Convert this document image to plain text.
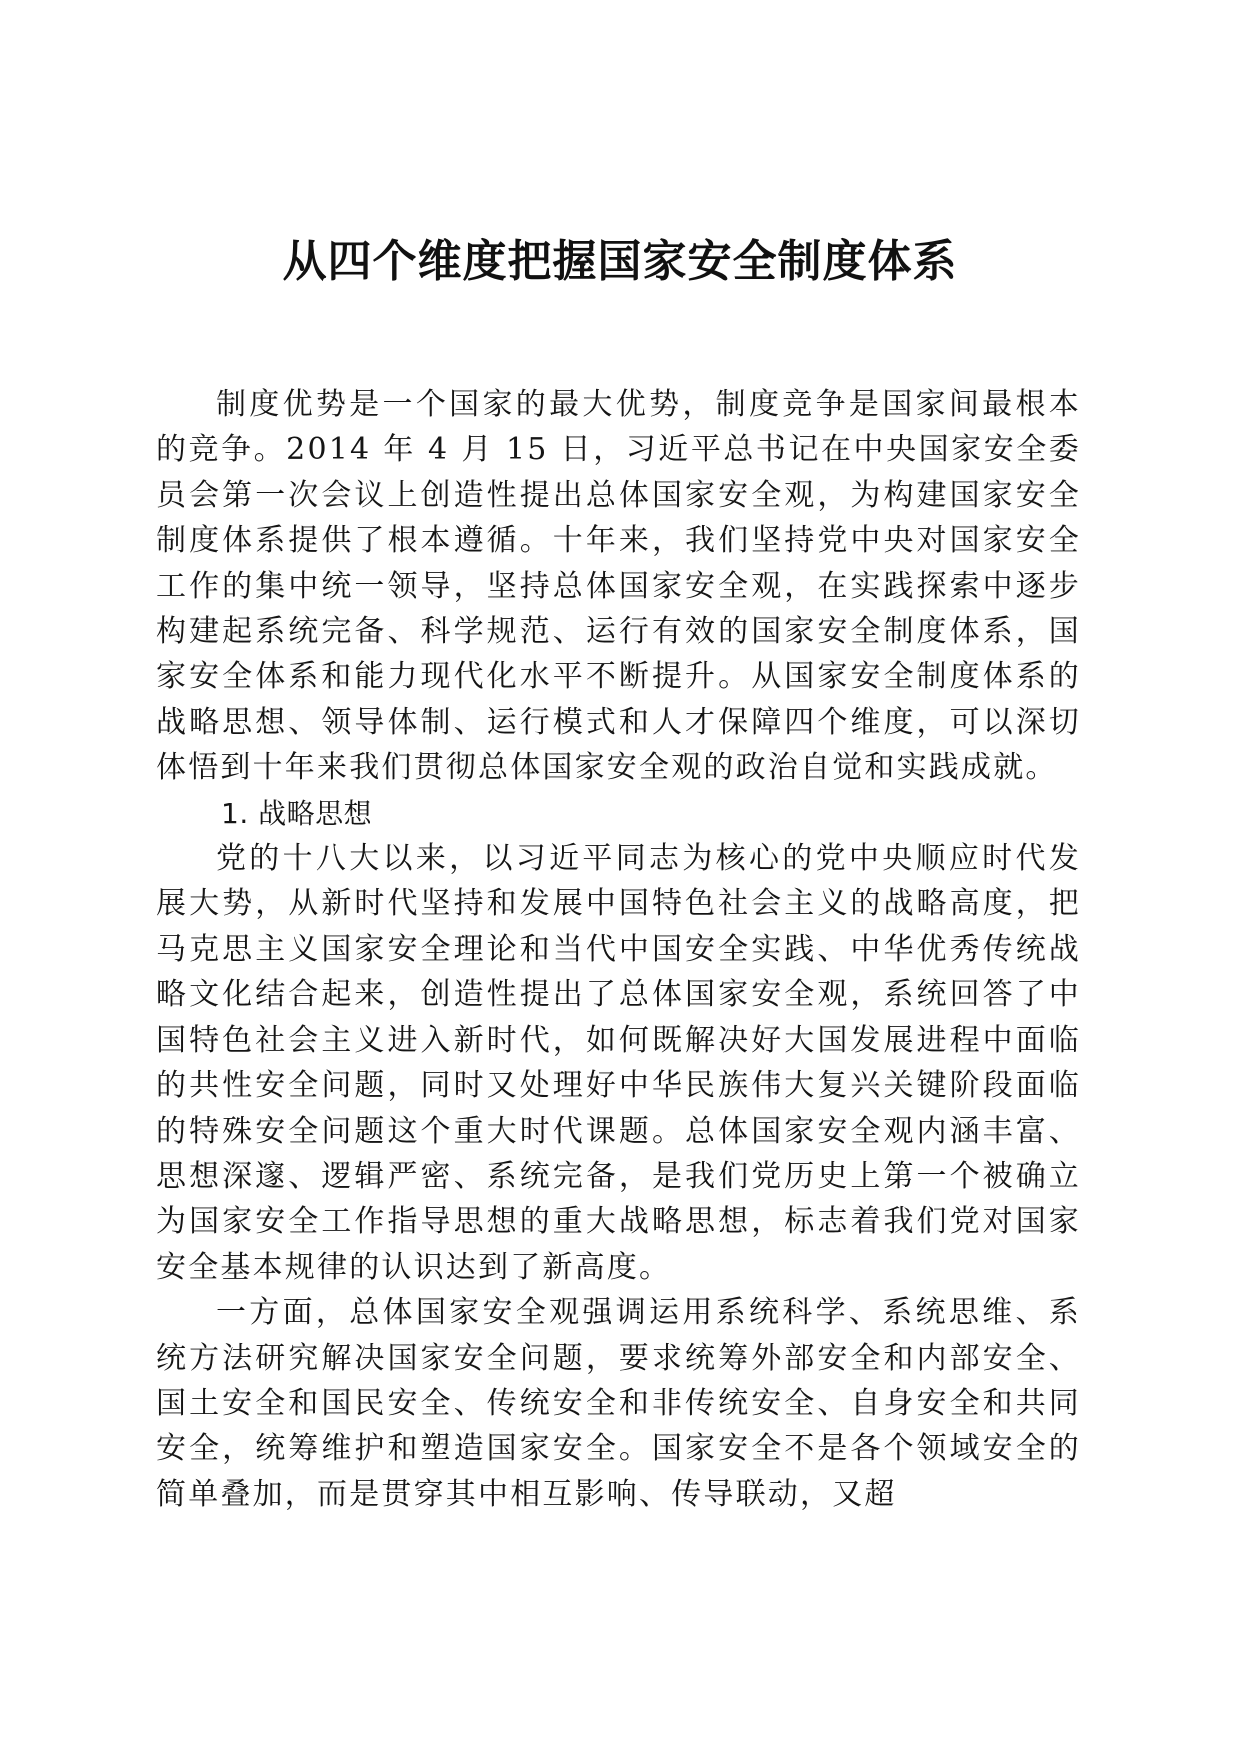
从四个维度把握国家安全制度体系

制度优势是一个国家的最大优势，制度竞争是国家间最根本的竞争。2014 年 4 月 15 日，习近平总书记在中央国家安全委员会第一次会议上创造性提出总体国家安全观，为构建国家安全制度体系提供了根本遵循。十年来，我们坚持党中央对国家安全工作的集中统一领导，坚持总体国家安全观，在实践探索中逐步构建起系统完备、科学规范、运行有效的国家安全制度体系，国家安全体系和能力现代化水平不断提升。从国家安全制度体系的战略思想、领导体制、运行模式和人才保障四个维度，可以深切体悟到十年来我们贯彻总体国家安全观的政治自觉和实践成就。

1. 战略思想

党的十八大以来，以习近平同志为核心的党中央顺应时代发展大势，从新时代坚持和发展中国特色社会主义的战略高度，把马克思主义国家安全理论和当代中国安全实践、中华优秀传统战略文化结合起来，创造性提出了总体国家安全观，系统回答了中国特色社会主义进入新时代，如何既解决好大国发展进程中面临的共性安全问题，同时又处理好中华民族伟大复兴关键阶段面临的特殊安全问题这个重大时代课题。总体国家安全观内涵丰富、思想深邃、逻辑严密、系统完备，是我们党历史上第一个被确立为国家安全工作指导思想的重大战略思想，标志着我们党对国家安全基本规律的认识达到了新高度。

一方面，总体国家安全观强调运用系统科学、系统思维、系统方法研究解决国家安全问题，要求统筹外部安全和内部安全、国土安全和国民安全、传统安全和非传统安全、自身安全和共同安全，统筹维护和塑造国家安全。国家安全不是各个领域安全的简单叠加，而是贯穿其中相互影响、传导联动，又超
